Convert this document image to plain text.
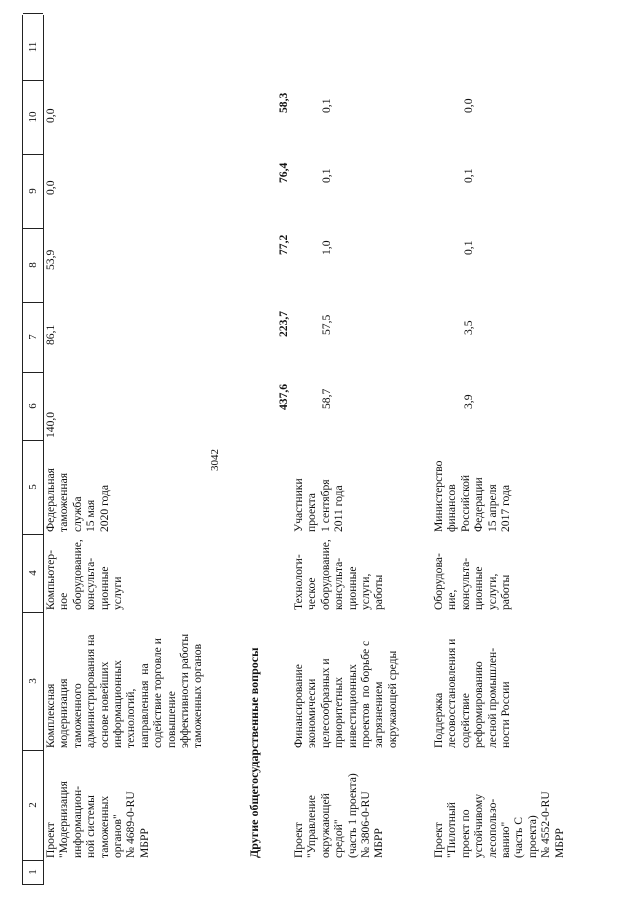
3042
1
2
3
4
5
6
7
8
9
10
11
Проект
"Модернизация
информацион-
ной системы
таможенных
органов"
№ 4689-0-RU
МБРР
Комплексная
модернизация
таможенного
администрирования на
основе новейших
информационных
технологий,
направленная  на
содействие торговле и
повышение
эффективности работы
таможенных органов
Компьютер-
ное
оборудование,
консульта-
ционные
услуги
Федеральная
таможенная
служба
15 мая
2020 года
140,0
86,1
53,9
0,0
0,0
Другие общегосударственные вопросы
437,6
223,7
77,2
76,4
58,3
Проект
"Управление
окружающей
средой"
(часть 1 проекта)
№ 3806-0-RU
МБРР
Финансирование
экономически
целесообразных и
приоритетных
инвестиционных
проектов  по борьбе с
загрязнением
окружающей среды
Технологи-
ческое
оборудование,
консульта-
ционные
услуги,
работы
Участники
проекта
1 сентября
2011 года
58,7
57,5
1,0
0,1
0,1
Проект
"Пилотный
проект по
устойчивому
лесопользо-
ванию"
(часть С
проекта)
№ 4552-0-RU
МБРР
Поддержка
лесовосстановления и
содействие
реформированию
лесной промышлен-
ности России
Оборудова-
ние,
консульта-
ционные
услуги,
работы
Министерство
финансов
Российской
Федерации
15 апреля
2017 года
3,9
3,5
0,1
0,1
0,0
